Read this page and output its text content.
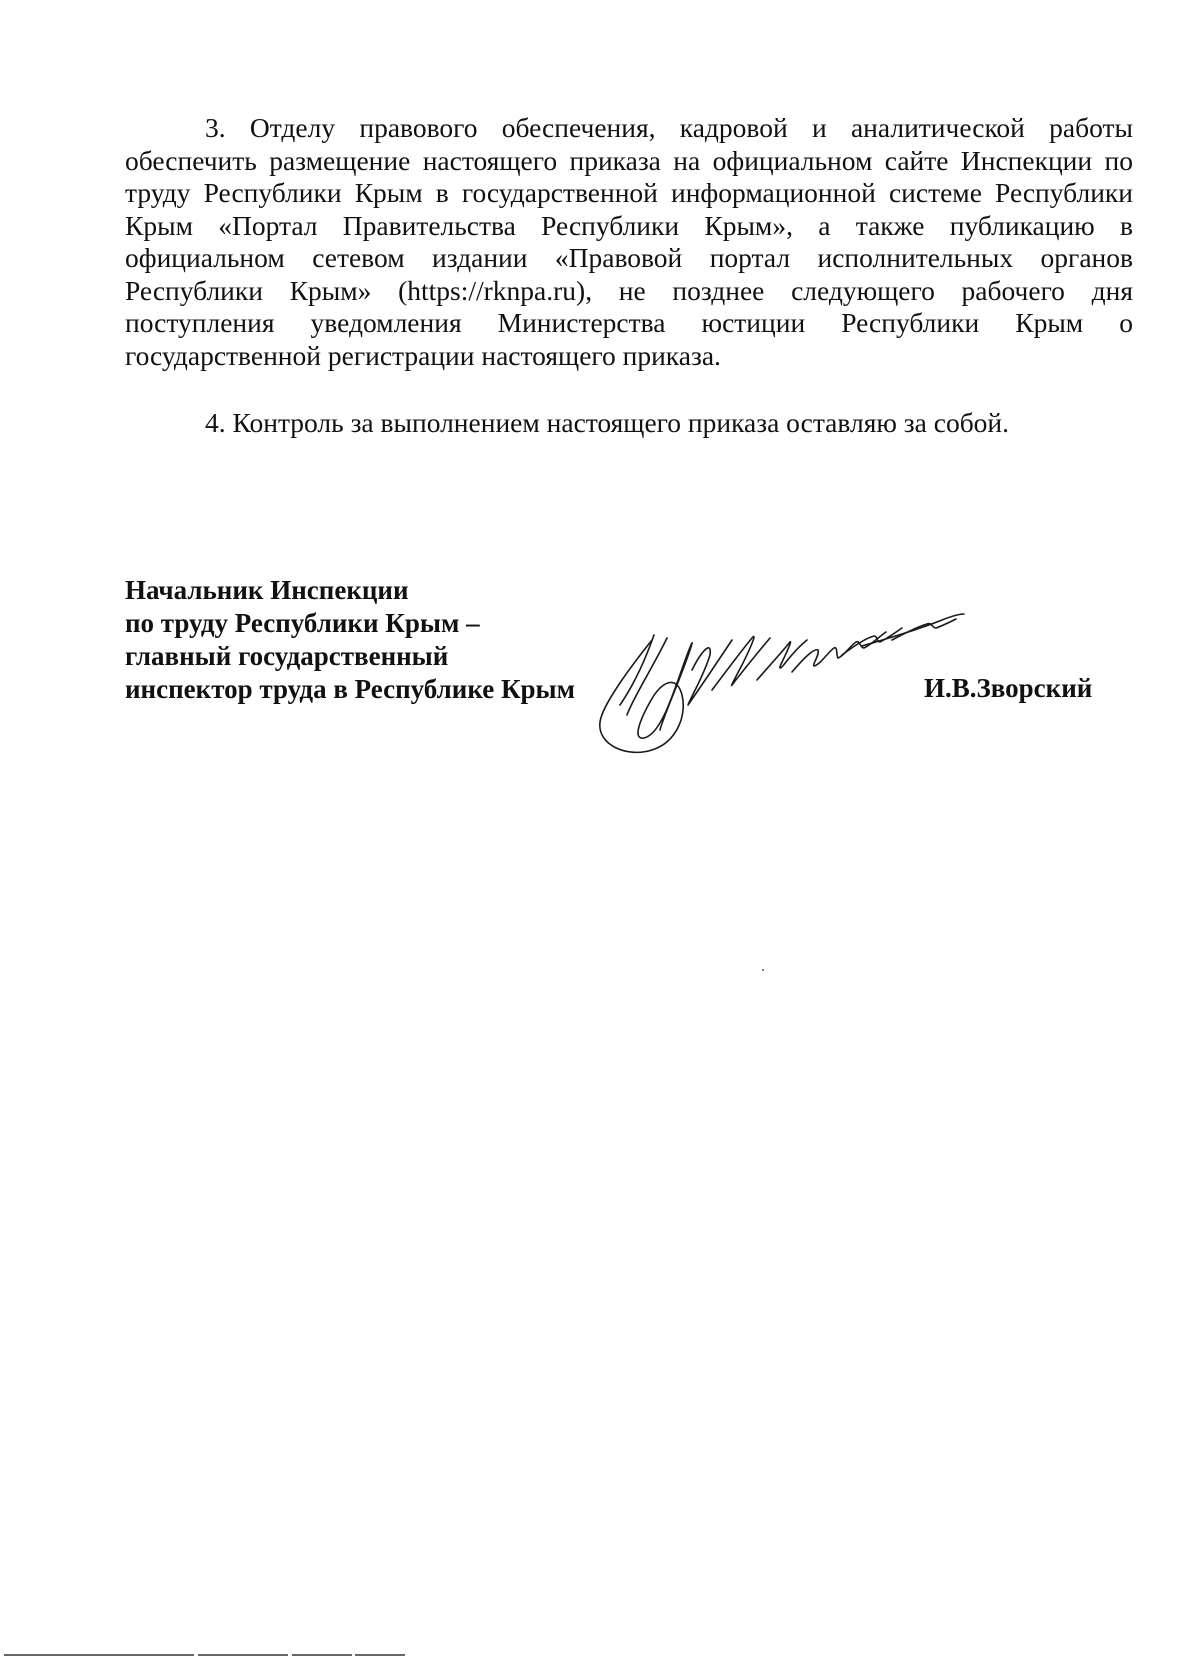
3. Отделу правового обеспечения, кадровой и аналитической работы обеспечить размещение настоящего приказа на официальном сайте Инспекции по труду Республики Крым в государственной информационной системе Республики Крым «Портал Правительства Республики Крым», а также публикацию в официальном сетевом издании «Правовой портал исполнительных органов Республики Крым» (https://rknpa.ru), не позднее следующего рабочего дня поступления уведомления Министерства юстиции Республики Крым о государственной регистрации настоящего приказа.

4. Контроль за выполнением настоящего приказа оставляю за собой.

Начальник Инспекции
по труду Республики Крым –
главный государственный
инспектор труда в Республике Крым	И.В.Зворский
